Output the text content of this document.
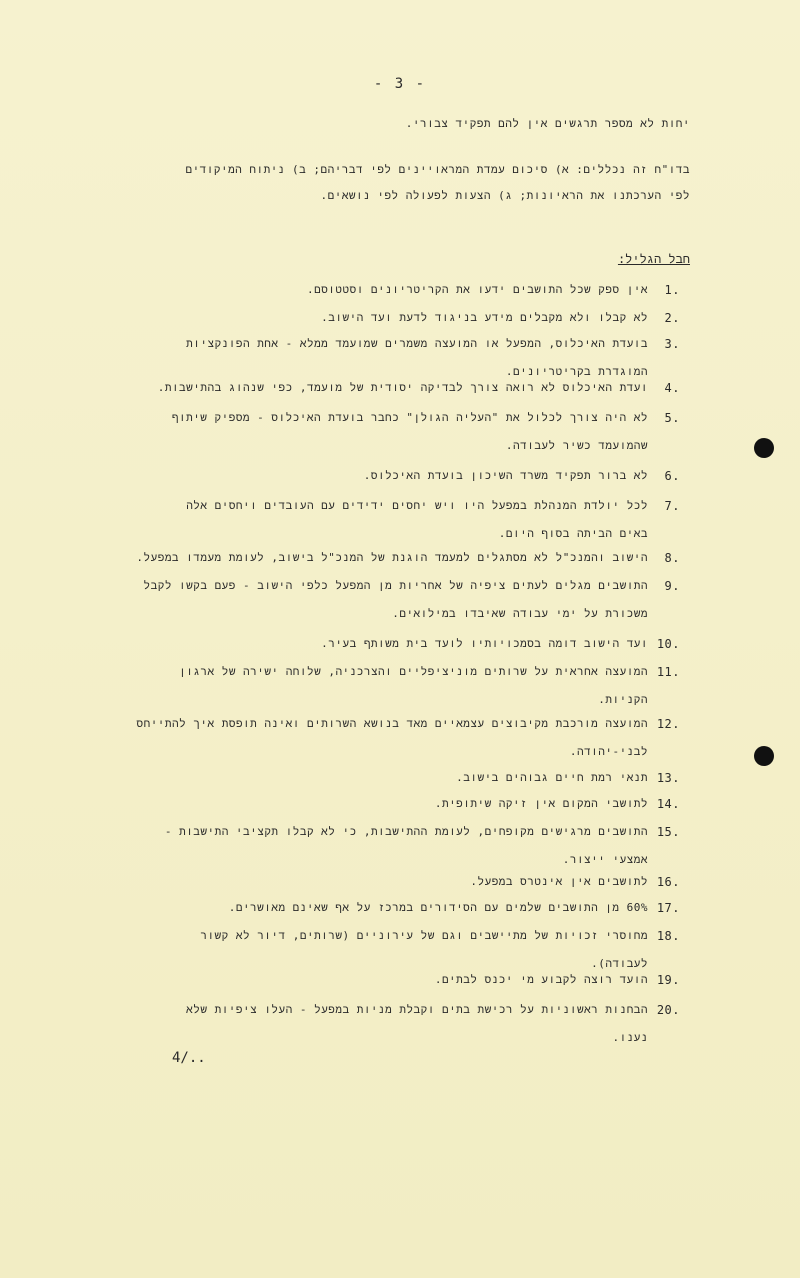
- 3 -
יחות לא מספר תרגשים אין להם תפקיד צבורי.
בדו"ח זה נכללים: א) סיכום עמדת המראויינים לפי דבריהם; ב) ניתוח המיקודים
לפי הערכתנו את הראיונות; ג) הצעות לפעולה לפי נושאים.
חבל הגליל:
1.
אין ספק שכל התושבים ידעו את הקריטריונים וסטטוסם.
2.
לא קבלו ולא מקבלים מידע בניגוד לדעת ועד הישוב.
3.
בועדת האיכלוס, המפעל או המועצה משמרים שמועמד ממלא - אחת הפונקציות
המוגדרת בקריטריונים.
4.
ועדת האיכלוס לא רואה צורך לבדיקה יסודית של מועמד, כפי שנהוג בהתישבות.
5.
לא היה צורך לכלול את "העליה הגולן" כחבר בועדת האיכלוס - מספיק שיתוף
שהמועמד כשיר לעבודה.
6.
לא ברור תפקיד משרד השיכון בועדת האיכלוס.
7.
לכל יולדת המנהלת במפעל היו ויש יחסים ידידים עם העובדים ויחסים אלה
באים הביתה בסוף היום.
8.
הישוב והמנכ"ל לא מסתגלים למעמד הוגנת של המנכ"ל בישוב, לעומת מעמדו במפעל.
9.
התושבים מגלים לעתים ציפיה של אחריות מן המפעל כלפי הישוב - פעם בקשו לקבל
משכורת על ימי עבודה שאיבדו במילואים.
10.
ועד הישוב דומה בסמכויותיו לועד בית משותף בעיר.
11.
המועצה אחראית על שרותים מוניציפליים והצרכניה, שלוחה ישירה של ארגון
הקניות.
12.
המועצה מורכבת מקיבוצים עצמאיים מאד בנושא השרותים ואינה תופסת איך להתייחס
לבני-יהודה.
13.
תנאי רמת חיים גבוהים בישוב.
14.
לתושבי המקום אין זיקה שיתופית.
15.
התושבים מרגישים מקופחים, לעומת ההתישבות, כי לא קבלו תקציבי התישבות -
אמצעי ייצור.
16.
לתושבים אין אינטרס במפעל.
17.
60% מן התושבים שלמים עם הסידורים במרכז על אף שאינם מאושרים.
18.
מחוסרי זכויות של מתיישבים וגם של עירוניים (שרותים, דיור לא קשור
לעבודה).
19.
הועד רוצה לקבוע מי יכנס לבתים.
20.
הבחנות ראשוניות על רכישת בתים וקבלת מניות במפעל - העלו ציפיות שלא
נענו.
4/..
